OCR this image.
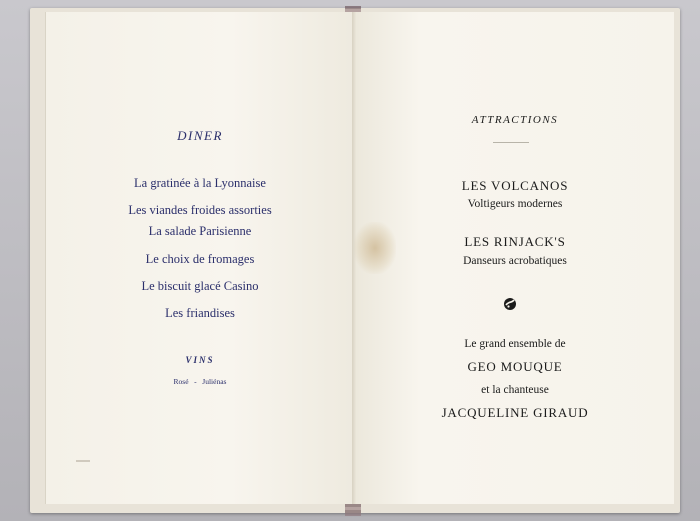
DINER
La gratinée à la Lyonnaise
Les viandes froides assorties
La salade Parisienne
Le choix de fromages
Le biscuit glacé Casino
Les friandises
VINS
Rosé - Juliénas
ATTRACTIONS
LES VOLCANOS
Voltigeurs modernes
LES RINJACK'S
Danseurs acrobatiques
Le grand ensemble de
GEO MOUQUE
et la chanteuse
JACQUELINE GIRAUD
